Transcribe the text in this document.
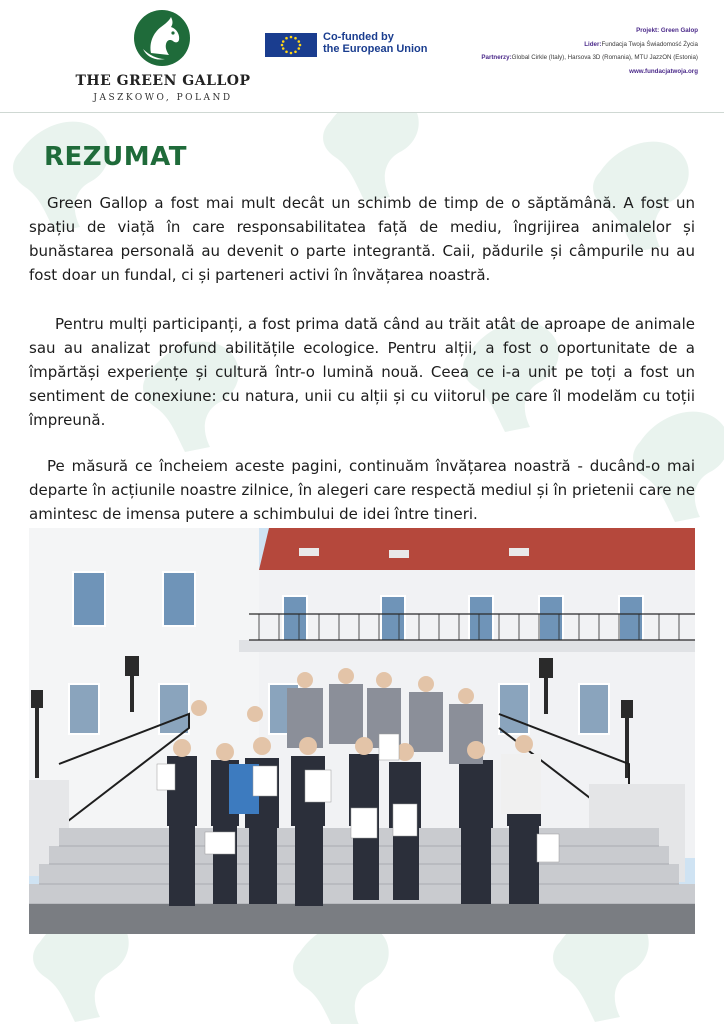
THE GREEN GALLOP
JASZKOWO, POLAND
Co-funded by
the European Union
Projekt: Green Galop
Lider:Fundacja Twoja Świadomość Życia
Partnerzy:Global Cirkle (Italy), Harsova 3D (Romania), MTU JazzON (Estonia)
www.fundacjatwoja.org
REZUMAT

Green Gallop a fost mai mult decât un schimb de timp de o săptămână. A fost un spațiu de viață în care responsabilitatea față de mediu, îngrijirea animalelor și bunăstarea personală au devenit o parte integrantă. Caii, pădurile și câmpurile nu au fost doar un fundal, ci și parteneri activi în învățarea noastră.

Pentru mulți participanți, a fost prima dată când au trăit atât de aproape de animale sau au analizat profund abilitățile ecologice. Pentru alții, a fost o oportunitate de a împărtăși experiențe și cultură într-o lumină nouă. Ceea ce i-a unit pe toți a fost un sentiment de conexiune: cu natura, unii cu alții și cu viitorul pe care îl modelăm cu toții împreună.

Pe măsură ce încheiem aceste pagini, continuăm învățarea noastră - ducând-o mai departe în acțiunile noastre zilnice, în alegeri care respectă mediul și în prietenii care ne amintesc de imensa putere a schimbului de idei între tineri.
